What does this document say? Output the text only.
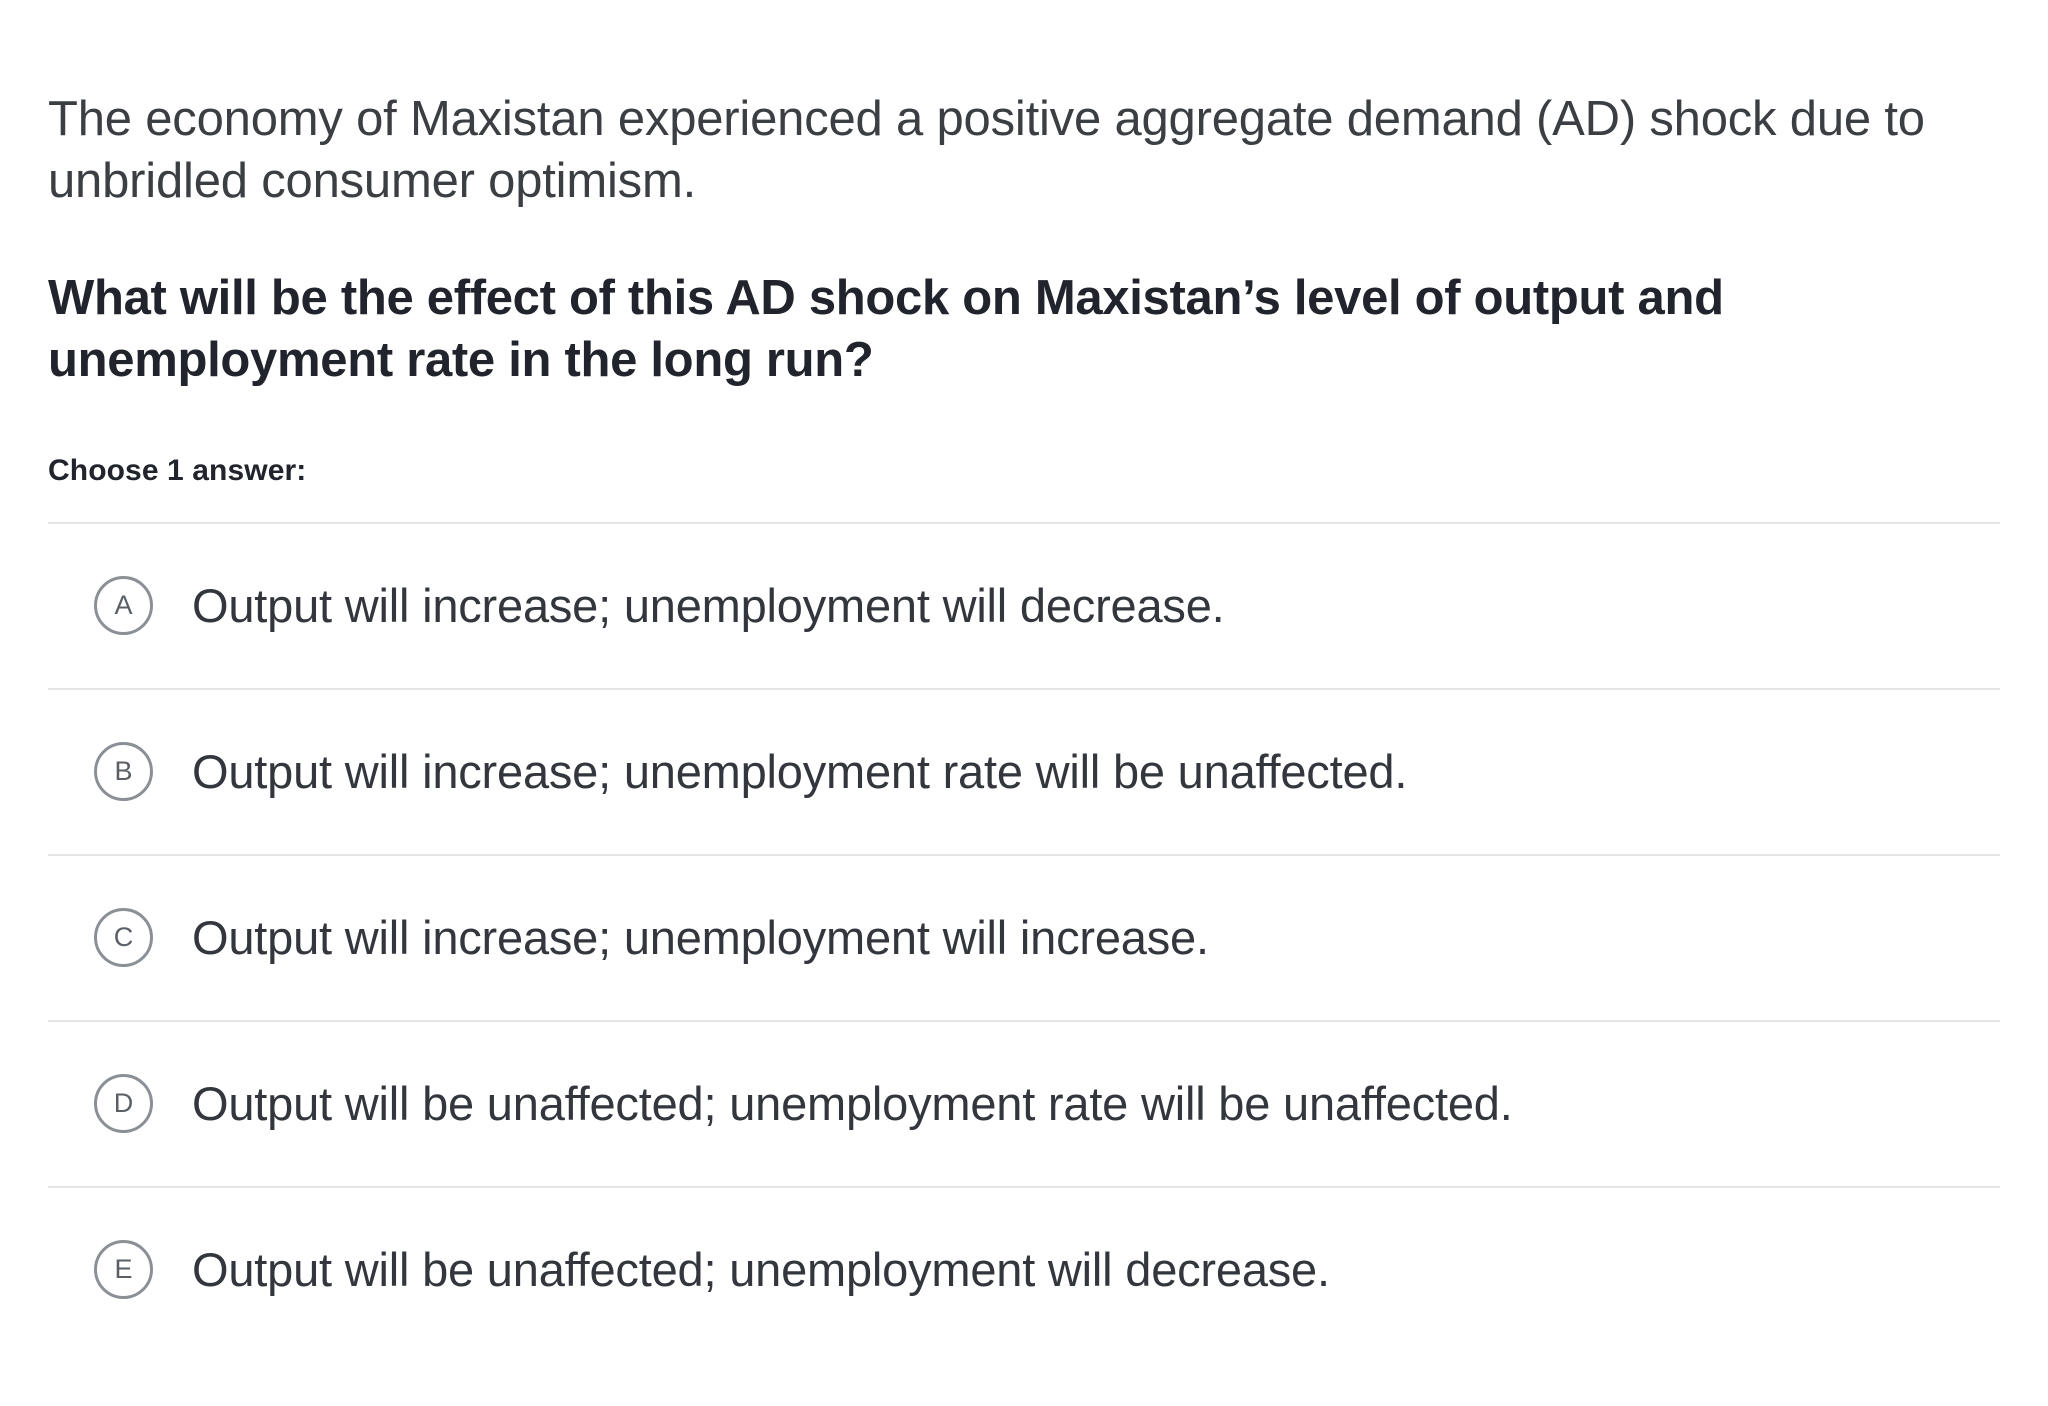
The economy of Maxistan experienced a positive aggregate demand (AD) shock due to unbridled consumer optimism.

What will be the effect of this AD shock on Maxistan’s level of output and unemployment rate in the long run?

Choose 1 answer:

A	Output will increase; unemployment will decrease.
B	Output will increase; unemployment rate will be unaffected.
C	Output will increase; unemployment will increase.
D	Output will be unaffected; unemployment rate will be unaffected.
E	Output will be unaffected; unemployment will decrease.
